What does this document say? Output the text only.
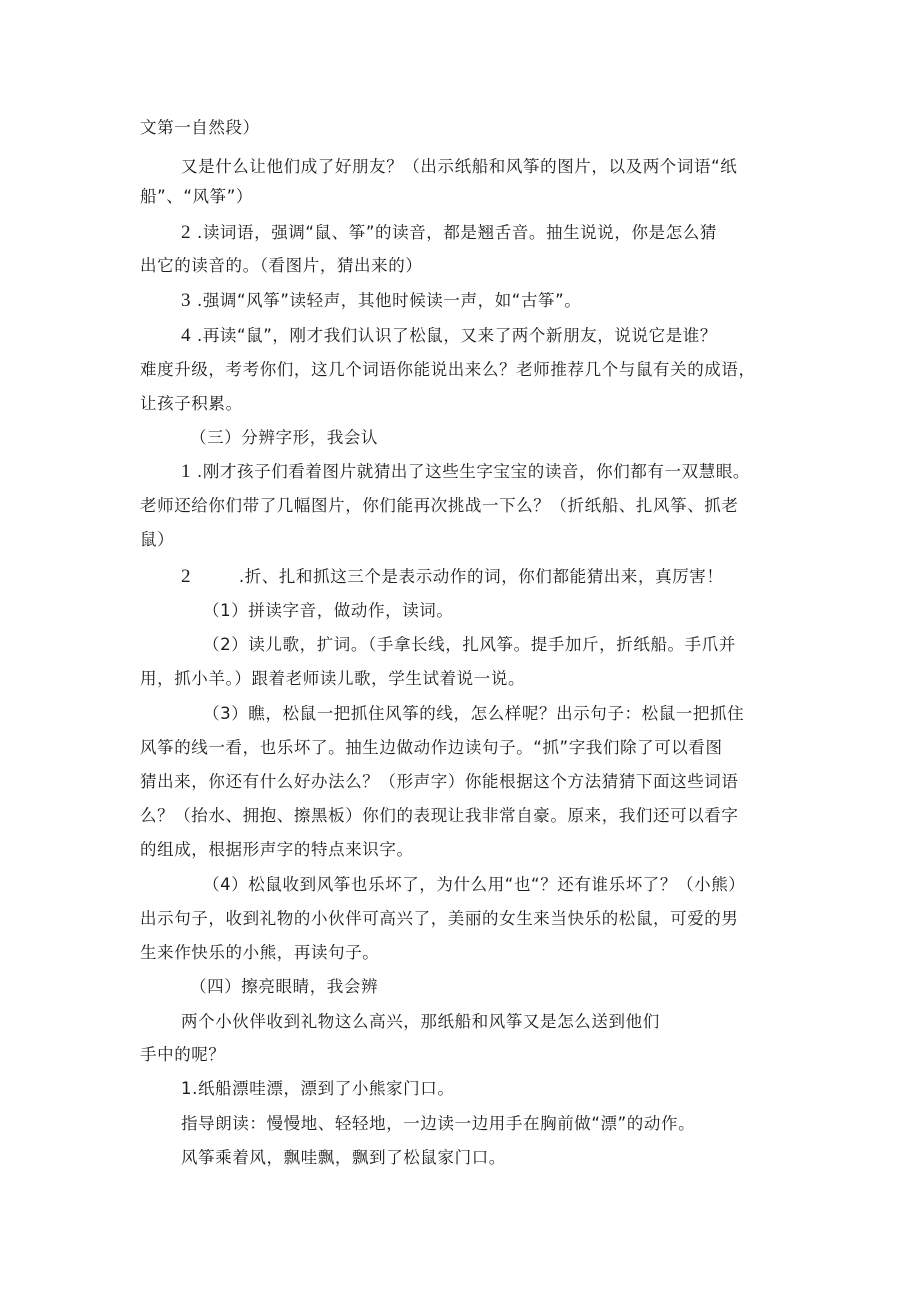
文第一自然段）
又是什么让他们成了好朋友？（出示纸船和风筝的图片，以及两个词语“纸
船”、“风筝”）
2 .读词语，强调“鼠、筝”的读音，都是翘舌音。抽生说说，你是怎么猜
出它的读音的。（看图片，猜出来的）
3 .强调“风筝”读轻声，其他时候读一声，如“古筝”。
4 .再读“鼠”，刚才我们认识了松鼠，又来了两个新朋友，说说它是谁？
难度升级，考考你们，这几个词语你能说出来么？老师推荐几个与鼠有关的成语，
让孩子积累。
（三）分辨字形，我会认
1 .刚才孩子们看着图片就猜出了这些生字宝宝的读音，你们都有一双慧眼。
老师还给你们带了几幅图片，你们能再次挑战一下么？（折纸船、扎风筝、抓老
鼠）
2	.折、扎和抓这三个是表示动作的词，你们都能猜出来，真厉害！
（1）拼读字音，做动作，读词。
（2）读儿歌，扩词。（手拿长线，扎风筝。提手加斤，折纸船。手爪并
用，抓小羊。）跟着老师读儿歌，学生试着说一说。
（3）瞧，松鼠一把抓住风筝的线，怎么样呢？出示句子：松鼠一把抓住
风筝的线一看，也乐坏了。抽生边做动作边读句子。“抓”字我们除了可以看图
猜出来，你还有什么好办法么？（形声字）你能根据这个方法猜猜下面这些词语
么？（抬水、拥抱、擦黑板）你们的表现让我非常自豪。原来，我们还可以看字
的组成，根据形声字的特点来识字。
（4）松鼠收到风筝也乐坏了，为什么用“也“？还有谁乐坏了？（小熊）
出示句子，收到礼物的小伙伴可高兴了，美丽的女生来当快乐的松鼠，可爱的男
生来作快乐的小熊，再读句子。
（四）擦亮眼睛，我会辨
两个小伙伴收到礼物这么高兴，那纸船和风筝又是怎么送到他们
手中的呢？
1.纸船漂哇漂，漂到了小熊家门口。
指导朗读：慢慢地、轻轻地，一边读一边用手在胸前做“漂”的动作。
风筝乘着风，飘哇飘，飘到了松鼠家门口。
